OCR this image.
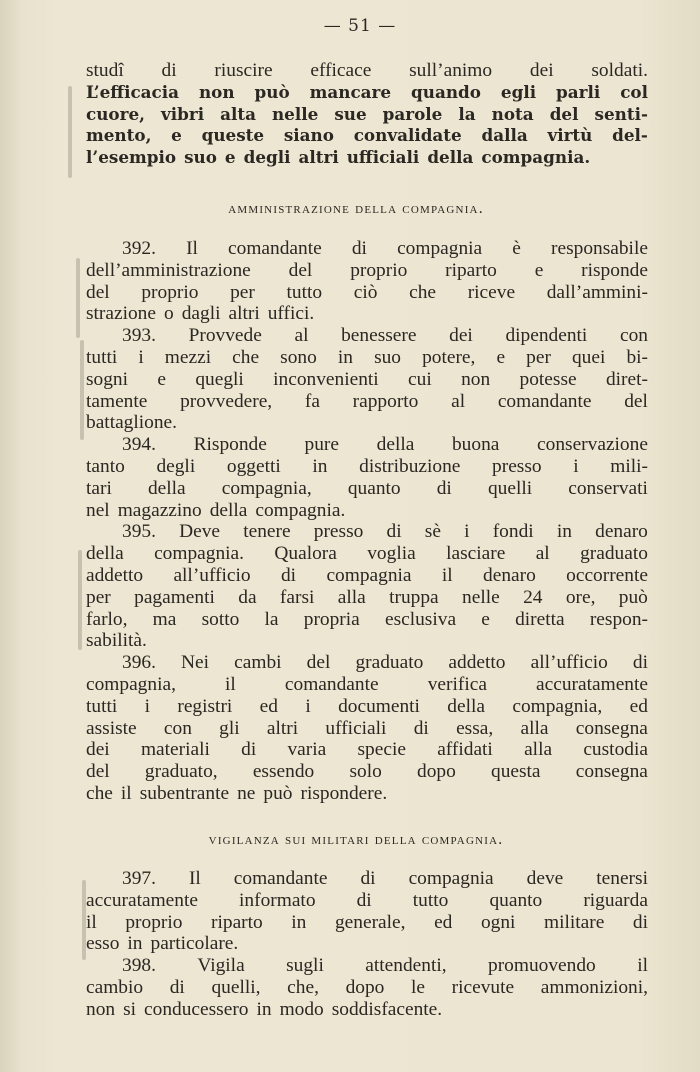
— 51 —
studî di riuscire efficace sull’animo dei soldati.
L’efficacia non può mancare quando egli parli col
cuore, vibri alta nelle sue parole la nota del senti-
mento, e queste siano convalidate dalla virtù del-
l’esempio suo e degli altri ufficiali della compagnia.
amministrazione della compagnia.
392. Il comandante di compagnia è responsabile
dell’amministrazione del proprio riparto e risponde
del proprio per tutto ciò che riceve dall’ammini-
strazione o dagli altri uffici.
393. Provvede al benessere dei dipendenti con
tutti i mezzi che sono in suo potere, e per quei bi-
sogni e quegli inconvenienti cui non potesse diret-
tamente provvedere, fa rapporto al comandante del
battaglione.
394. Risponde pure della buona conservazione
tanto degli oggetti in distribuzione presso i mili-
tari della compagnia, quanto di quelli conservati
nel magazzino della compagnia.
395. Deve tenere presso di sè i fondi in denaro
della compagnia. Qualora voglia lasciare al graduato
addetto all’ufficio di compagnia il denaro occorrente
per pagamenti da farsi alla truppa nelle 24 ore, può
farlo, ma sotto la propria esclusiva e diretta respon-
sabilità.
396. Nei cambi del graduato addetto all’ufficio di
compagnia,	il	comandante	verifica	accuratamente
tutti i registri ed i documenti della compagnia, ed
assiste con gli altri ufficiali di essa, alla consegna
dei materiali di varia specie affidati alla custodia
del graduato, essendo solo dopo questa consegna
che il subentrante ne può rispondere.
vigilanza sui militari della compagnia.
397. Il comandante di compagnia deve tenersi
accuratamente informato di tutto quanto riguarda
il proprio riparto in generale, ed ogni militare di
esso in particolare.
398. Vigila sugli attendenti, promuovendo il
cambio di quelli, che, dopo le ricevute ammonizioni,
non si conducessero in modo soddisfacente.
